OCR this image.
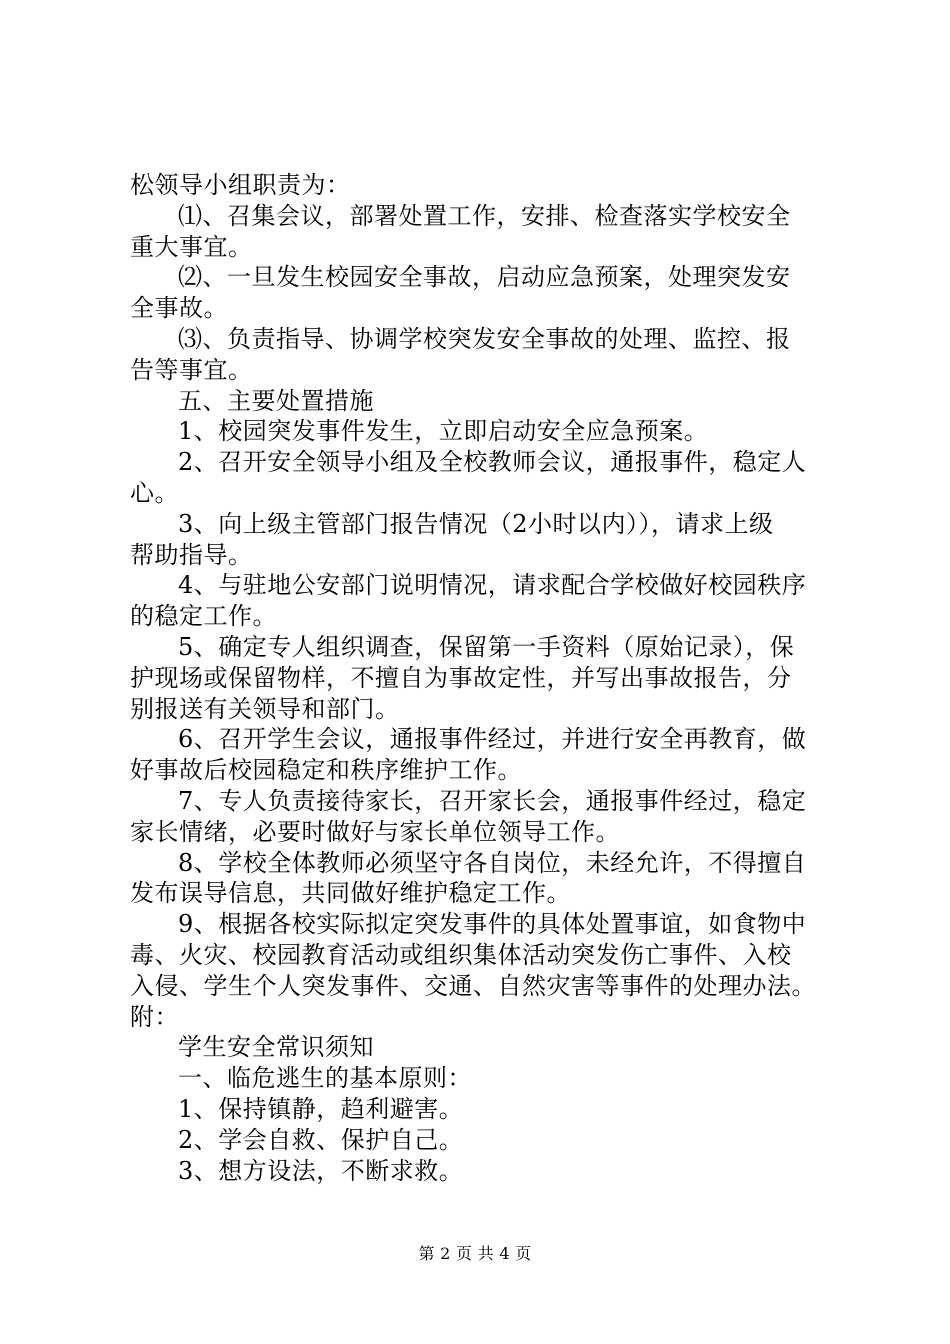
松领导小组职责为：
⑴、召集会议，部署处置工作，安排、检查落实学校安全
重大事宜。
⑵、一旦发生校园安全事故，启动应急预案，处理突发安
全事故。
⑶、负责指导、协调学校突发安全事故的处理、监控、报
告等事宜。
五、主要处置措施
1、校园突发事件发生，立即启动安全应急预案。
2、召开安全领导小组及全校教师会议，通报事件，稳定人
心。
3、向上级主管部门报告情况（2小时以内）），请求上级
帮助指导。
4、与驻地公安部门说明情况，请求配合学校做好校园秩序
的稳定工作。
5、确定专人组织调查，保留第一手资料（原始记录），保
护现场或保留物样，不擅自为事故定性，并写出事故报告，分
别报送有关领导和部门。
6、召开学生会议，通报事件经过，并进行安全再教育，做
好事故后校园稳定和秩序维护工作。
7、专人负责接待家长，召开家长会，通报事件经过，稳定
家长情绪，必要时做好与家长单位领导工作。
8、学校全体教师必须坚守各自岗位，未经允许，不得擅自
发布误导信息，共同做好维护稳定工作。
9、根据各校实际拟定突发事件的具体处置事谊，如食物中
毒、火灾、校园教育活动或组织集体活动突发伤亡事件、入校
入侵、学生个人突发事件、交通、自然灾害等事件的处理办法。
附：
学生安全常识须知
一、临危逃生的基本原则：
1、保持镇静，趋利避害。
2、学会自救、保护自己。
3、想方设法，不断求救。
第 2 页 共 4 页
